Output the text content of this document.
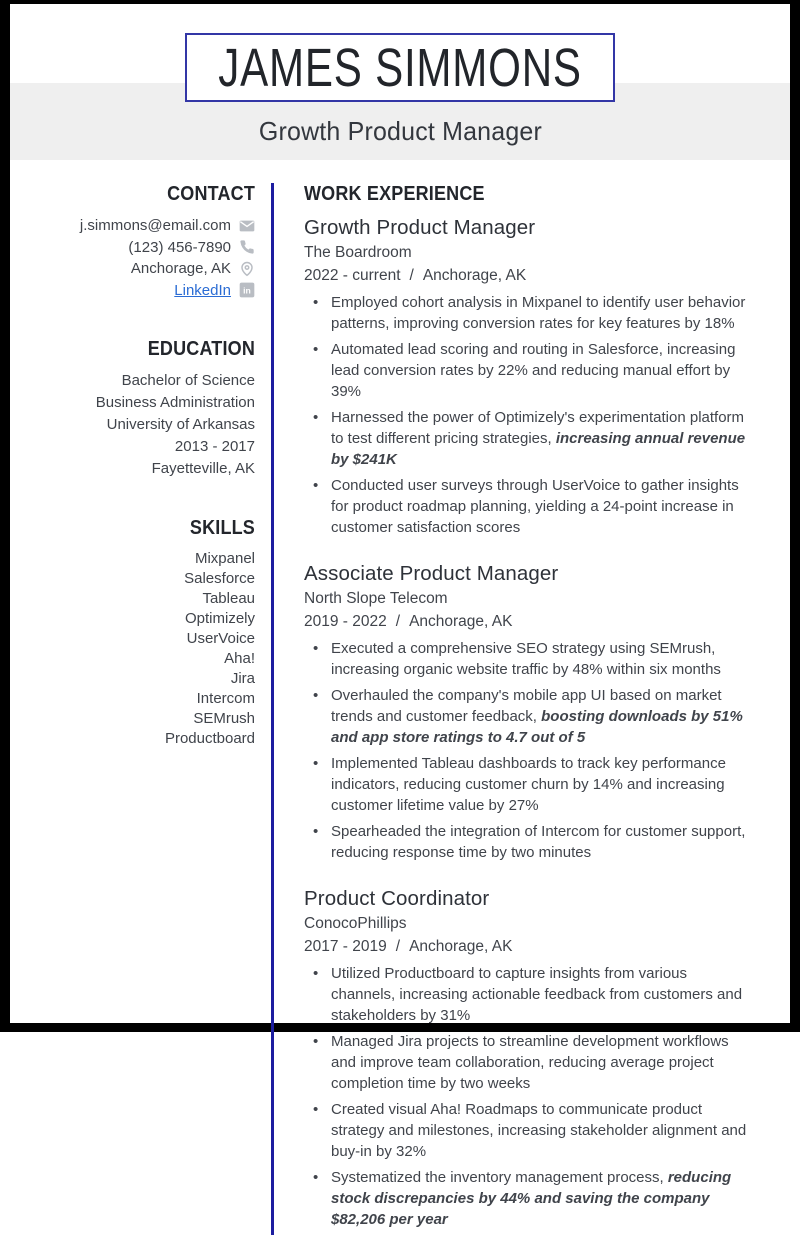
Growth Product Manager
JAMES SIMMONS
CONTACT
j.simmons@email.com
(123) 456-7890
Anchorage, AK
LinkedIn in
EDUCATION
Bachelor of Science
Business Administration
University of Arkansas
2013 - 2017
Fayetteville, AK
SKILLS
Mixpanel
Salesforce
Tableau
Optimizely
UserVoice
Aha!
Jira
Intercom
SEMrush
Productboard
WORK EXPERIENCE
Growth Product Manager
The Boardroom
2022 - current / Anchorage, AK
• Employed cohort analysis in Mixpanel to identify user behavior patterns, improving conversion rates for key features by 18%
• Automated lead scoring and routing in Salesforce, increasing lead conversion rates by 22% and reducing manual effort by 39%
• Harnessed the power of Optimizely's experimentation platform to test different pricing strategies, increasing annual revenue by $241K
• Conducted user surveys through UserVoice to gather insights for product roadmap planning, yielding a 24-point increase in customer satisfaction scores
Associate Product Manager
North Slope Telecom
2019 - 2022 / Anchorage, AK
• Executed a comprehensive SEO strategy using SEMrush, increasing organic website traffic by 48% within six months
• Overhauled the company's mobile app UI based on market trends and customer feedback, boosting downloads by 51% and app store ratings to 4.7 out of 5
• Implemented Tableau dashboards to track key performance indicators, reducing customer churn by 14% and increasing customer lifetime value by 27%
• Spearheaded the integration of Intercom for customer support, reducing response time by two minutes
Product Coordinator
ConocoPhillips
2017 - 2019 / Anchorage, AK
• Utilized Productboard to capture insights from various channels, increasing actionable feedback from customers and stakeholders by 31%
• Managed Jira projects to streamline development workflows and improve team collaboration, reducing average project completion time by two weeks
• Created visual Aha! Roadmaps to communicate product strategy and milestones, increasing stakeholder alignment and buy-in by 32%
• Systematized the inventory management process, reducing stock discrepancies by 44% and saving the company $82,206 per year
